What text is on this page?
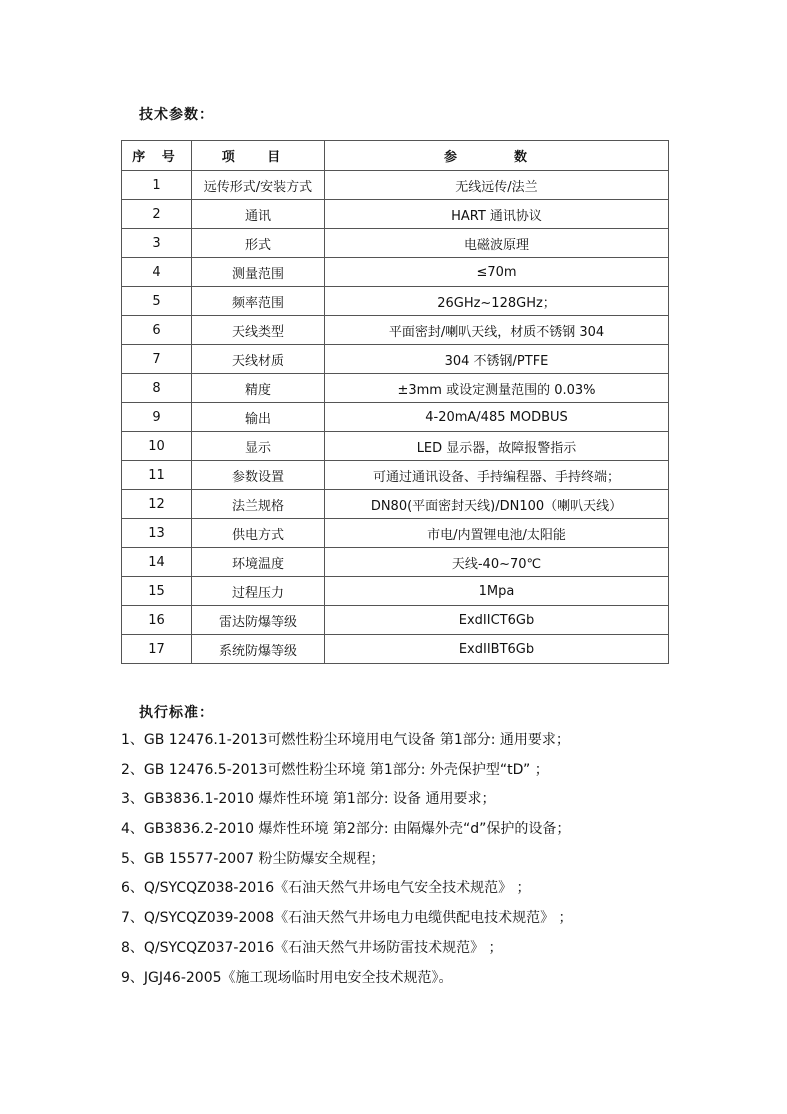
技术参数：
序 号	项 目	参　数
1	远传形式/安装方式	无线远传/法兰
2	通讯	HART 通讯协议
3	形式	电磁波原理
4	测量范围	≤70m
5	频率范围	26GHz~128GHz；
6	天线类型	平面密封/喇叭天线，材质不锈钢 304
7	天线材质	304 不锈钢/PTFE
8	精度	±3mm 或设定测量范围的 0.03%
9	输出	4-20mA/485 MODBUS
10	显示	LED 显示器，故障报警指示
11	参数设置	可通过通讯设备、手持编程器、手持终端；
12	法兰规格	DN80(平面密封天线)/DN100（喇叭天线）
13	供电方式	市电/内置锂电池/太阳能
14	环境温度	天线-40~70℃
15	过程压力	1Mpa
16	雷达防爆等级	ExdIICT6Gb
17	系统防爆等级	ExdIIBT6Gb
执行标准：
1、GB 12476.1-2013可燃性粉尘环境用电气设备 第1部分: 通用要求；
2、GB 12476.5-2013可燃性粉尘环境 第1部分: 外壳保护型“tD” ；
3、GB3836.1-2010 爆炸性环境 第1部分: 设备 通用要求；
4、GB3836.2-2010 爆炸性环境 第2部分: 由隔爆外壳“d”保护的设备；
5、GB 15577-2007 粉尘防爆安全规程；
6、Q/SYCQZ038-2016《石油天然气井场电气安全技术规范》 ；
7、Q/SYCQZ039-2008《石油天然气井场电力电缆供配电技术规范》 ；
8、Q/SYCQZ037-2016《石油天然气井场防雷技术规范》 ；
9、JGJ46-2005《施工现场临时用电安全技术规范》。
